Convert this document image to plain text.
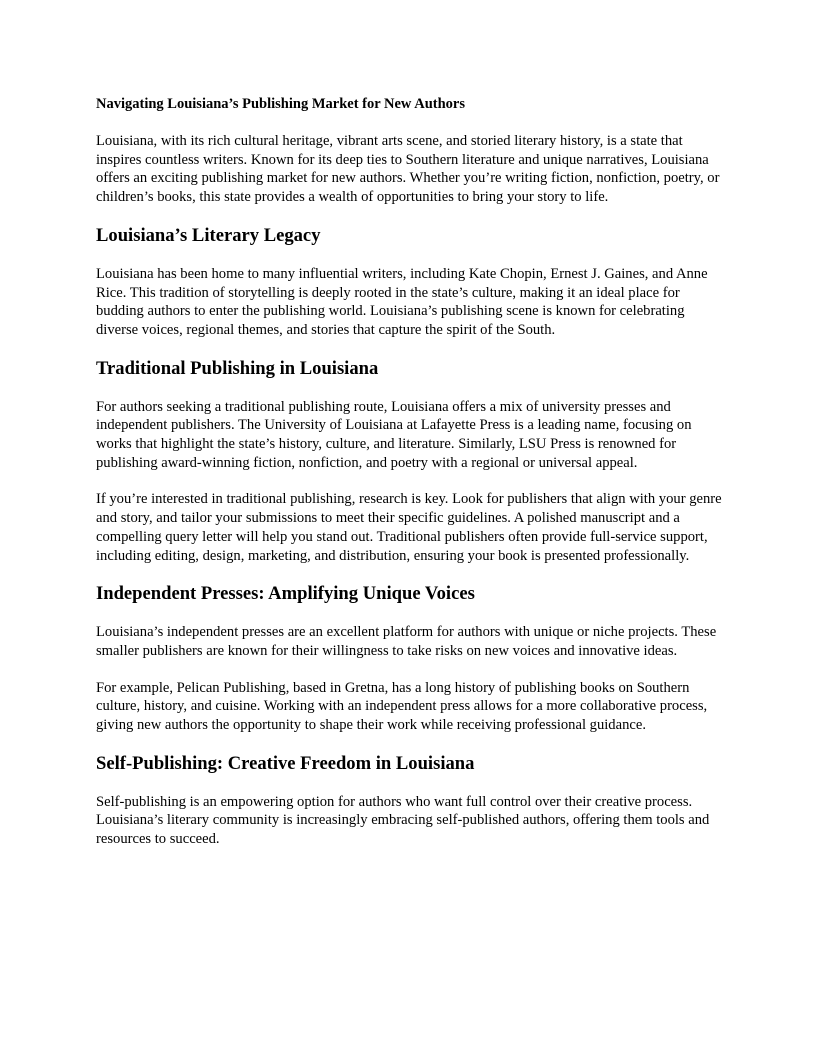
Navigating Louisiana’s Publishing Market for New Authors

Louisiana, with its rich cultural heritage, vibrant arts scene, and storied literary history, is a state that inspires countless writers. Known for its deep ties to Southern literature and unique narratives, Louisiana offers an exciting publishing market for new authors. Whether you’re writing fiction, nonfiction, poetry, or children’s books, this state provides a wealth of opportunities to bring your story to life.

Louisiana’s Literary Legacy

Louisiana has been home to many influential writers, including Kate Chopin, Ernest J. Gaines, and Anne Rice. This tradition of storytelling is deeply rooted in the state’s culture, making it an ideal place for budding authors to enter the publishing world. Louisiana’s publishing scene is known for celebrating diverse voices, regional themes, and stories that capture the spirit of the South.

Traditional Publishing in Louisiana

For authors seeking a traditional publishing route, Louisiana offers a mix of university presses and independent publishers. The University of Louisiana at Lafayette Press is a leading name, focusing on works that highlight the state’s history, culture, and literature. Similarly, LSU Press is renowned for publishing award-winning fiction, nonfiction, and poetry with a regional or universal appeal.

If you’re interested in traditional publishing, research is key. Look for publishers that align with your genre and story, and tailor your submissions to meet their specific guidelines. A polished manuscript and a compelling query letter will help you stand out. Traditional publishers often provide full-service support, including editing, design, marketing, and distribution, ensuring your book is presented professionally.

Independent Presses: Amplifying Unique Voices

Louisiana’s independent presses are an excellent platform for authors with unique or niche projects. These smaller publishers are known for their willingness to take risks on new voices and innovative ideas.

For example, Pelican Publishing, based in Gretna, has a long history of publishing books on Southern culture, history, and cuisine. Working with an independent press allows for a more collaborative process, giving new authors the opportunity to shape their work while receiving professional guidance.

Self-Publishing: Creative Freedom in Louisiana

Self-publishing is an empowering option for authors who want full control over their creative process. Louisiana’s literary community is increasingly embracing self-published authors, offering them tools and resources to succeed.
